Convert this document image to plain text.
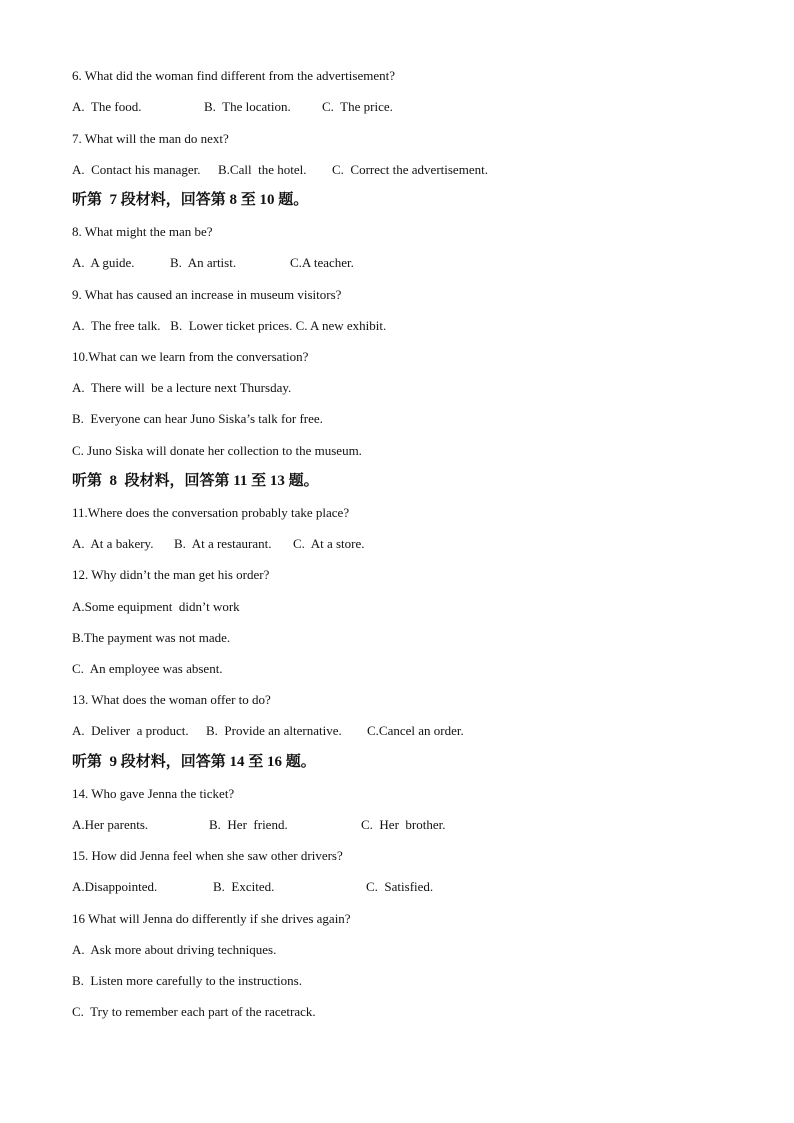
6. What did the woman find different from the advertisement?
A.  The food.	B.  The location. C.  The price.
7. What will the man do next?
A.  Contact his manager. B.Call  the hotel. C.  Correct the advertisement.
听第  7 段材料，回答第 8 至 10 题。
8. What might the man be?
A.  A guide.	B.  An artist.	C.A teacher.
9. What has caused an increase in museum visitors?
A.  The free talk.   B.  Lower ticket prices. C. A new exhibit.
10.What can we learn from the conversation?
A.  There will  be a lecture next Thursday.
B.  Everyone can hear Juno Siska’s talk for free.
C. Juno Siska will donate her collection to the museum.
听第  8  段材料，回答第 11 至 13 题。
11.Where does the conversation probably take place?
A.  At a bakery. B.  At a restaurant. C.  At a store.
12. Why didn’t the man get his order?
A.Some equipment  didn’t work
B.The payment was not made.
C.  An employee was absent.
13. What does the woman offer to do?
A.  Deliver  a product. B.  Provide an alternative. C.Cancel an order.
听第  9 段材料，回答第 14 至 16 题。
14. Who gave Jenna the ticket?
A.Her parents.	B.  Her  friend.	C.  Her  brother.
15. How did Jenna feel when she saw other drivers?
A.Disappointed.	B.  Excited.	C.  Satisfied.
16 What will Jenna do differently if she drives again?
A.  Ask more about driving techniques.
B.  Listen more carefully to the instructions.
C.  Try to remember each part of the racetrack.
